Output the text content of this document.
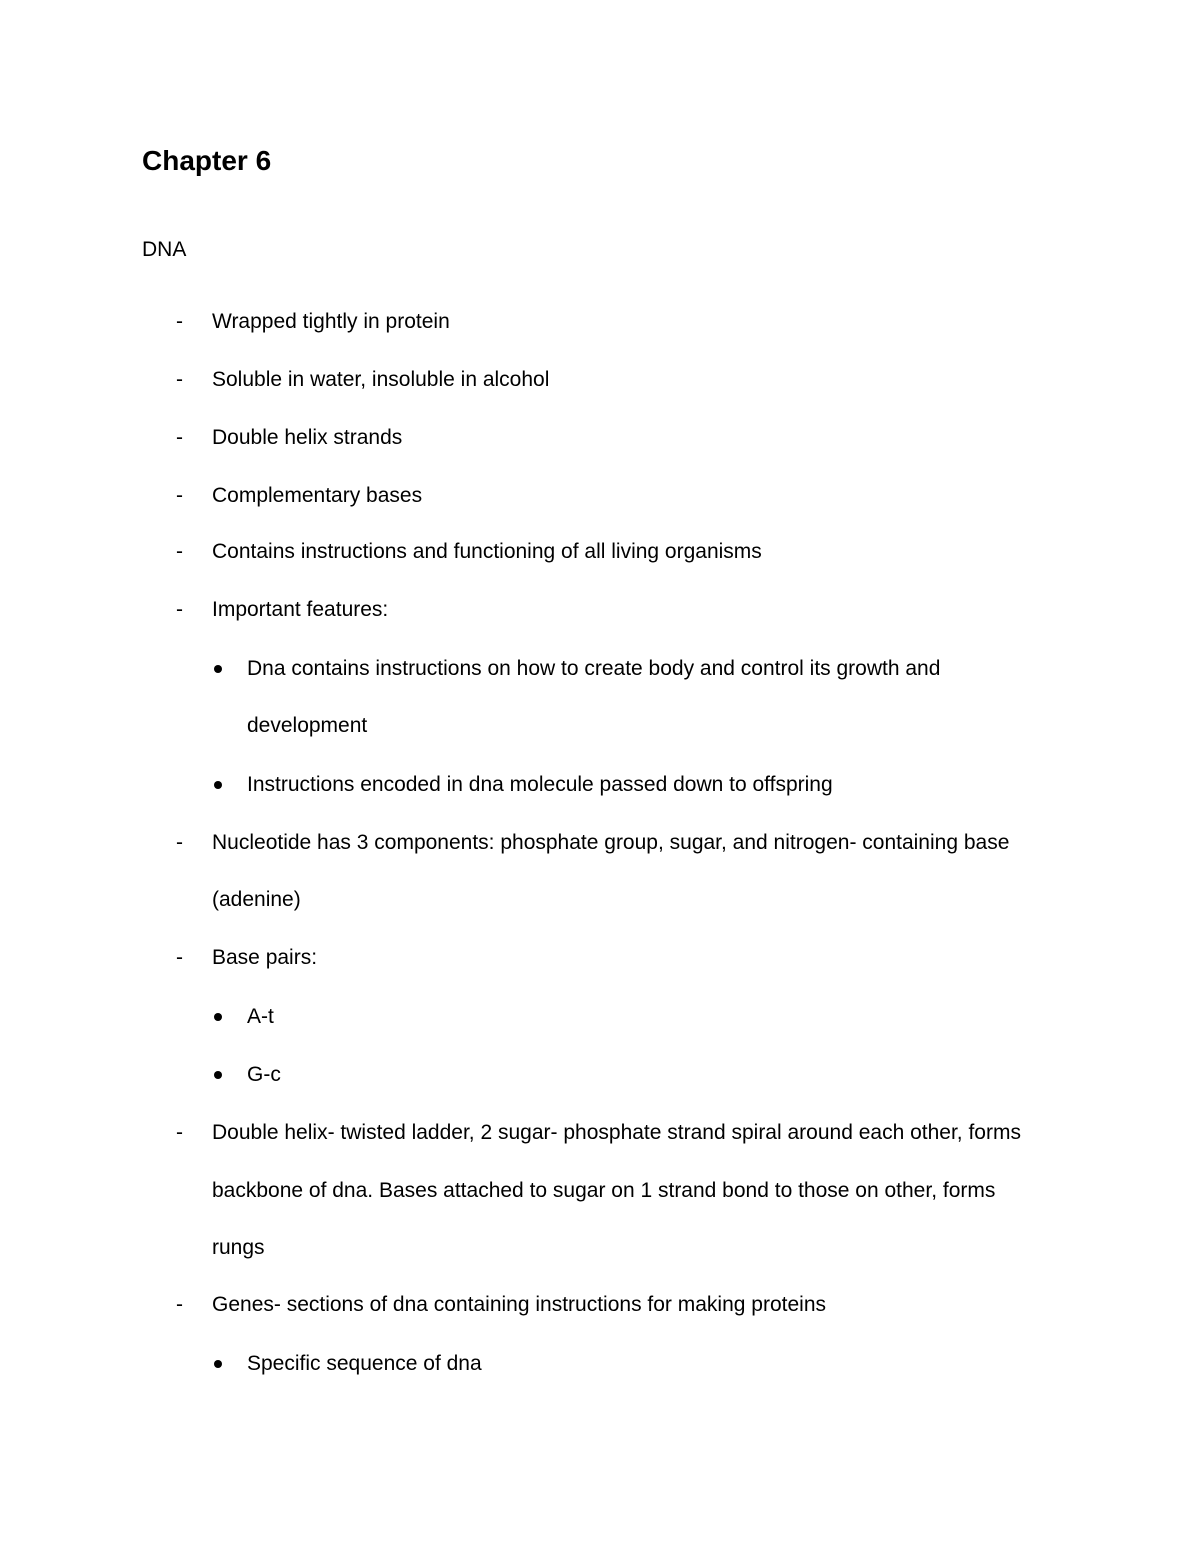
Chapter 6
DNA
- Wrapped tightly in protein
- Soluble in water, insoluble in alcohol
- Double helix strands
- Complementary bases
- Contains instructions and functioning of all living organisms
- Important features:
Dna contains instructions on how to create body and control its growth and
development
Instructions encoded in dna molecule passed down to offspring
- Nucleotide has 3 components: phosphate group, sugar, and nitrogen- containing base
(adenine)
- Base pairs:
A-t
G-c
- Double helix- twisted ladder, 2 sugar- phosphate strand spiral around each other, forms
backbone of dna. Bases attached to sugar on 1 strand bond to those on other, forms
rungs
- Genes- sections of dna containing instructions for making proteins
Specific sequence of dna
